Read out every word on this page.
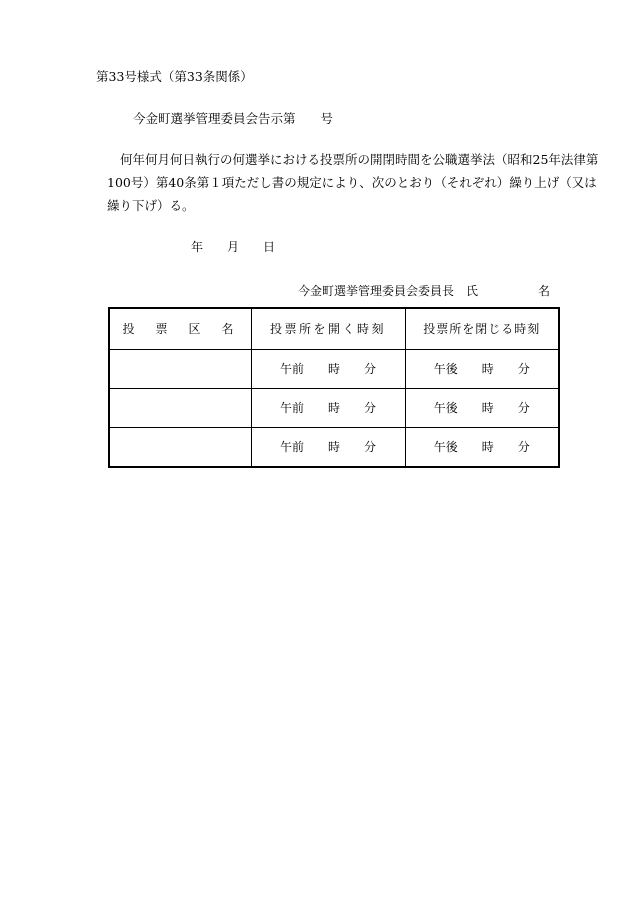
第33号様式（第33条関係）
今金町選挙管理委員会告示第　　号
何年何月何日執行の何選挙における投票所の開閉時間を公職選挙法（昭和25年法律第
100号）第40条第１項ただし書の規定により、次のとおり（それぞれ）繰り上げ（又は
繰り下げ）る。
年　　月　　日
今金町選挙管理委員会委員長　氏　　　　　名
投　票　区　名	投票所を開く時刻	投票所を閉じる時刻
	午前　　時　　分	午後　　時　　分
	午前　　時　　分	午後　　時　　分
	午前　　時　　分	午後　　時　　分
